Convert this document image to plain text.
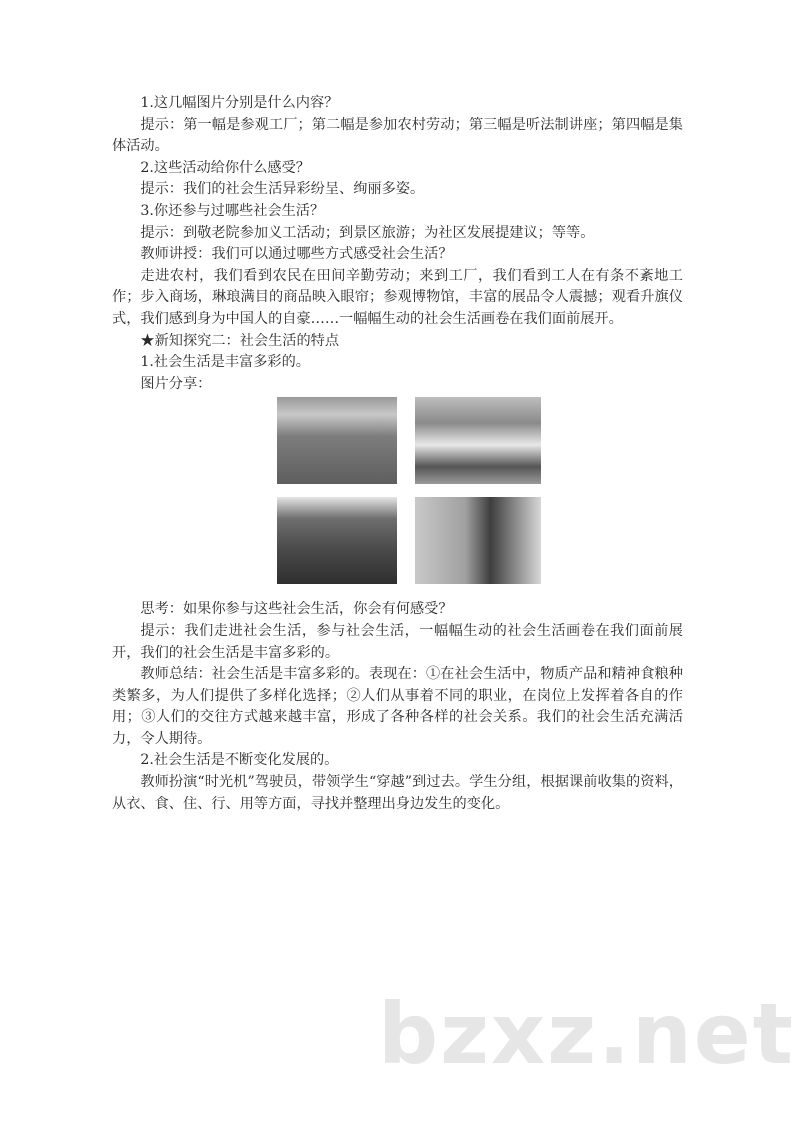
1.这几幅图片分别是什么内容？

提示：第一幅是参观工厂；第二幅是参加农村劳动；第三幅是听法制讲座；第四幅是集体活动。

2.这些活动给你什么感受？

提示：我们的社会生活异彩纷呈、绚丽多姿。

3.你还参与过哪些社会生活？

提示：到敬老院参加义工活动；到景区旅游；为社区发展提建议；等等。

教师讲授：我们可以通过哪些方式感受社会生活？

走进农村，我们看到农民在田间辛勤劳动；来到工厂，我们看到工人在有条不紊地工作；步入商场，琳琅满目的商品映入眼帘；参观博物馆，丰富的展品令人震撼；观看升旗仪式，我们感到身为中国人的自豪……一幅幅生动的社会生活画卷在我们面前展开。

★新知探究二：社会生活的特点

1.社会生活是丰富多彩的。

图片分享：

思考：如果你参与这些社会生活，你会有何感受？

提示：我们走进社会生活，参与社会生活，一幅幅生动的社会生活画卷在我们面前展开，我们的社会生活是丰富多彩的。

教师总结：社会生活是丰富多彩的。表现在：①在社会生活中，物质产品和精神食粮种类繁多，为人们提供了多样化选择；②人们从事着不同的职业，在岗位上发挥着各自的作用；③人们的交往方式越来越丰富，形成了各种各样的社会关系。我们的社会生活充满活力，令人期待。

2.社会生活是不断变化发展的。

教师扮演“时光机”驾驶员，带领学生“穿越”到过去。学生分组，根据课前收集的资料，从衣、食、住、行、用等方面，寻找并整理出身边发生的变化。

bzxz.net
